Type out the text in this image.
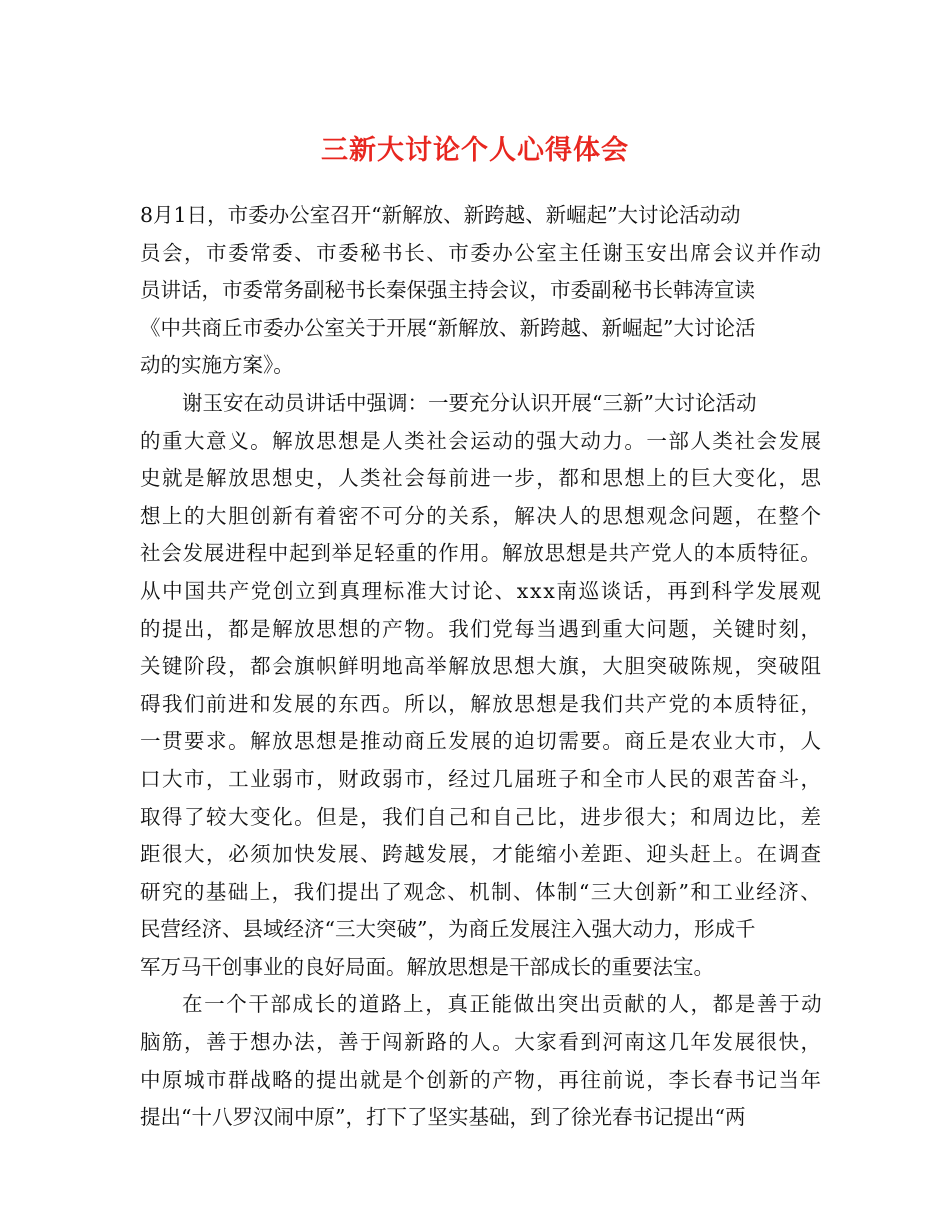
三新大讨论个人心得体会
8月1日，市委办公室召开“新解放、新跨越、新崛起”大讨论活动动
员会，市委常委、市委秘书长、市委办公室主任谢玉安出席会议并作动
员讲话，市委常务副秘书长秦保强主持会议，市委副秘书长韩涛宣读
《中共商丘市委办公室关于开展“新解放、新跨越、新崛起”大讨论活
动的实施方案》。
谢玉安在动员讲话中强调：一要充分认识开展“三新”大讨论活动
的重大意义。解放思想是人类社会运动的强大动力。一部人类社会发展
史就是解放思想史，人类社会每前进一步，都和思想上的巨大变化，思
想上的大胆创新有着密不可分的关系，解决人的思想观念问题，在整个
社会发展进程中起到举足轻重的作用。解放思想是共产党人的本质特征。
从中国共产党创立到真理标准大讨论、xxx南巡谈话，再到科学发展观
的提出，都是解放思想的产物。我们党每当遇到重大问题，关键时刻，
关键阶段，都会旗帜鲜明地高举解放思想大旗，大胆突破陈规，突破阻
碍我们前进和发展的东西。所以，解放思想是我们共产党的本质特征，
一贯要求。解放思想是推动商丘发展的迫切需要。商丘是农业大市，人
口大市，工业弱市，财政弱市，经过几届班子和全市人民的艰苦奋斗，
取得了较大变化。但是，我们自己和自己比，进步很大；和周边比，差
距很大，必须加快发展、跨越发展，才能缩小差距、迎头赶上。在调查
研究的基础上，我们提出了观念、机制、体制“三大创新”和工业经济、
民营经济、县域经济“三大突破”，为商丘发展注入强大动力，形成千
军万马干创事业的良好局面。解放思想是干部成长的重要法宝。
在一个干部成长的道路上，真正能做出突出贡献的人，都是善于动
脑筋，善于想办法，善于闯新路的人。大家看到河南这几年发展很快，
中原城市群战略的提出就是个创新的产物，再往前说，李长春书记当年
提出“十八罗汉闹中原”，打下了坚实基础，到了徐光春书记提出“两
